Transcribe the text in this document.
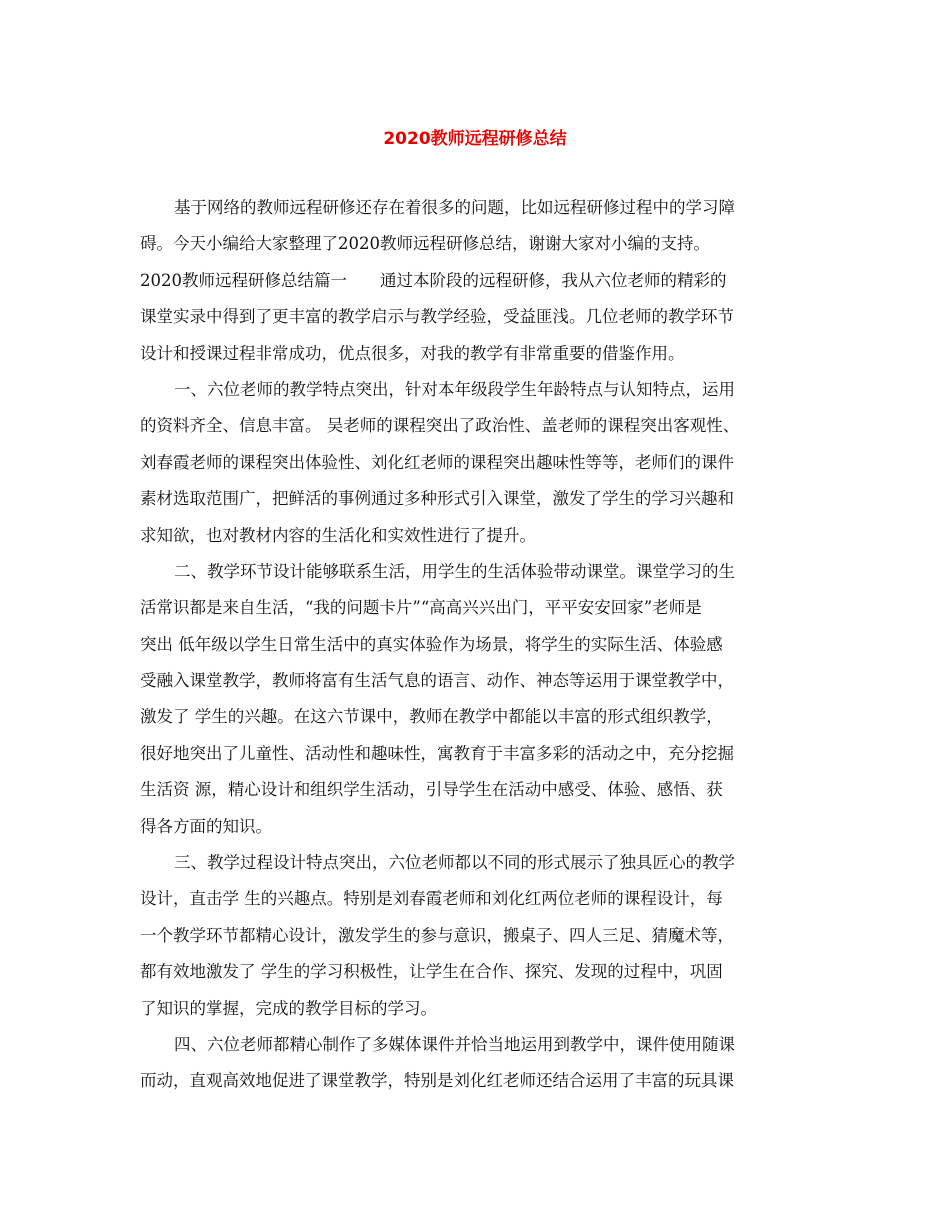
2020教师远程研修总结
基于网络的教师远程研修还存在着很多的问题，比如远程研修过程中的学习障
碍。今天小编给大家整理了2020教师远程研修总结，谢谢大家对小编的支持。
2020教师远程研修总结篇一　　通过本阶段的远程研修，我从六位老师的精彩的
课堂实录中得到了更丰富的教学启示与教学经验，受益匪浅。几位老师的教学环节
设计和授课过程非常成功，优点很多，对我的教学有非常重要的借鉴作用。
一、六位老师的教学特点突出，针对本年级段学生年龄特点与认知特点，运用
的资料齐全、信息丰富。 吴老师的课程突出了政治性、盖老师的课程突出客观性、
刘春霞老师的课程突出体验性、刘化红老师的课程突出趣味性等等，老师们的课件
素材选取范围广，把鲜活的事例通过多种形式引入课堂，激发了学生的学习兴趣和
求知欲，也对教材内容的生活化和实效性进行了提升。
二、教学环节设计能够联系生活，用学生的生活体验带动课堂。课堂学习的生
活常识都是来自生活，“我的问题卡片”“高高兴兴出门，平平安安回家”老师是
突出 低年级以学生日常生活中的真实体验作为场景，将学生的实际生活、体验感
受融入课堂教学，教师将富有生活气息的语言、动作、神态等运用于课堂教学中，
激发了 学生的兴趣。在这六节课中，教师在教学中都能以丰富的形式组织教学，
很好地突出了儿童性、活动性和趣味性，寓教育于丰富多彩的活动之中，充分挖掘
生活资 源，精心设计和组织学生活动，引导学生在活动中感受、体验、感悟、获
得各方面的知识。
三、教学过程设计特点突出，六位老师都以不同的形式展示了独具匠心的教学
设计，直击学 生的兴趣点。特别是刘春霞老师和刘化红两位老师的课程设计，每
一个教学环节都精心设计，激发学生的参与意识，搬桌子、四人三足、猜魔术等，
都有效地激发了 学生的学习积极性，让学生在合作、探究、发现的过程中，巩固
了知识的掌握，完成的教学目标的学习。
四、六位老师都精心制作了多媒体课件并恰当地运用到教学中，课件使用随课
而动，直观高效地促进了课堂教学，特别是刘化红老师还结合运用了丰富的玩具课
